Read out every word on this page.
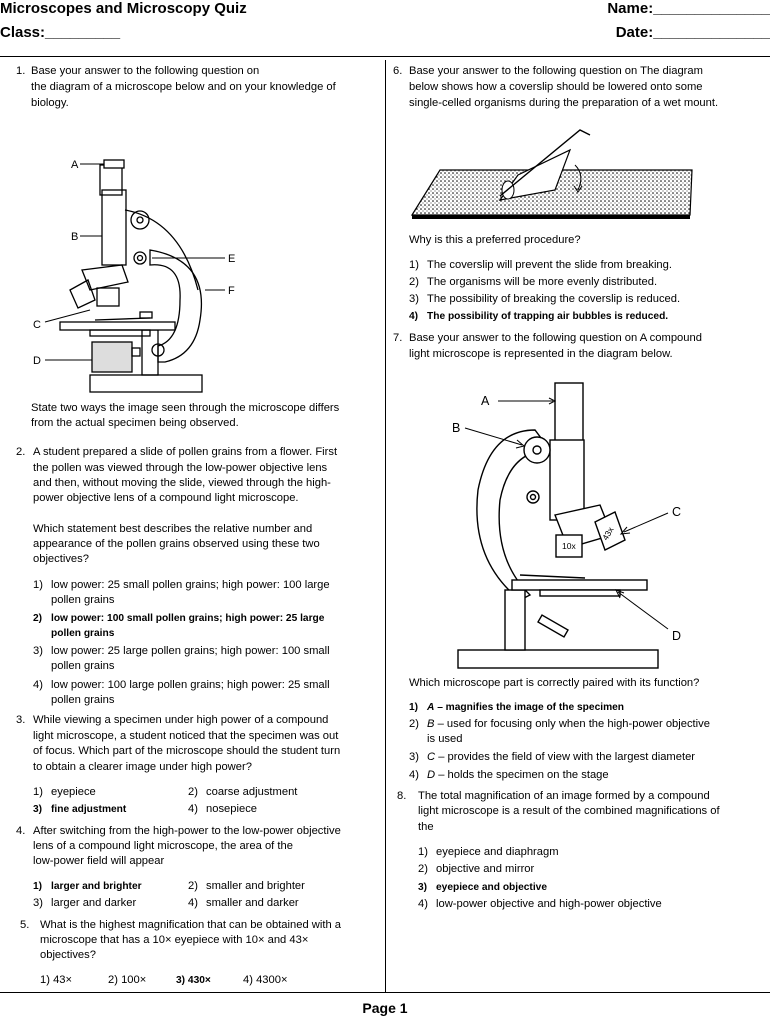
Microscopes and Microscopy Quiz	Name:______________
Class:_________	Date:______________
1. Base your answer to the following question on
the diagram of a microscope below and on your knowledge of
biology.
A
B
C
D
E
F
State two ways the image seen through the microscope differs
from the actual specimen being observed.
2. A student prepared a slide of pollen grains from a flower. First
the pollen was viewed through the low-power objective lens
and then, without moving the slide, viewed through the high-
power objective lens of a compound light microscope.
Which statement best describes the relative number and
appearance of the pollen grains observed using these two
objectives?
1) low power: 25 small pollen grains; high power: 100 large
pollen grains
2) low power: 100 small pollen grains; high power: 25 large
pollen grains
3) low power: 25 large pollen grains; high power: 100 small
pollen grains
4) low power: 100 large pollen grains; high power: 25 small
pollen grains
3. While viewing a specimen under high power of a compound
light microscope, a student noticed that the specimen was out
of focus. Which part of the microscope should the student turn
to obtain a clearer image under high power?
1) eyepiece	2) coarse adjustment
3) fine adjustment	4) nosepiece
4. After switching from the high-power to the low-power objective
lens of a compound light microscope, the area of the
low-power field will appear
1) larger and brighter	2) smaller and brighter
3) larger and darker	4) smaller and darker
5. What is the highest magnification that can be obtained with a
microscope that has a 10× eyepiece with 10× and 43×
objectives?
1) 43×	2) 100×	3) 430×	4) 4300×
6. Base your answer to the following question on The diagram
below shows how a coverslip should be lowered onto some
single-celled organisms during the preparation of a wet mount.
Why is this a preferred procedure?
1) The coverslip will prevent the slide from breaking.
2) The organisms will be more evenly distributed.
3) The possibility of breaking the coverslip is reduced.
4) The possibility of trapping air bubbles is reduced.
7. Base your answer to the following question on A compound
light microscope is represented in the diagram below.
10x
43x
A
B
C
D
Which microscope part is correctly paired with its function?
1) A – magnifies the image of the specimen
2) B – used for focusing only when the high-power objective
is used
3) C – provides the field of view with the largest diameter
4) D – holds the specimen on the stage
8. The total magnification of an image formed by a compound
light microscope is a result of the combined magnifications of
the
1) eyepiece and diaphragm
2) objective and mirror
3) eyepiece and objective
4) low-power objective and high-power objective
Page 1
